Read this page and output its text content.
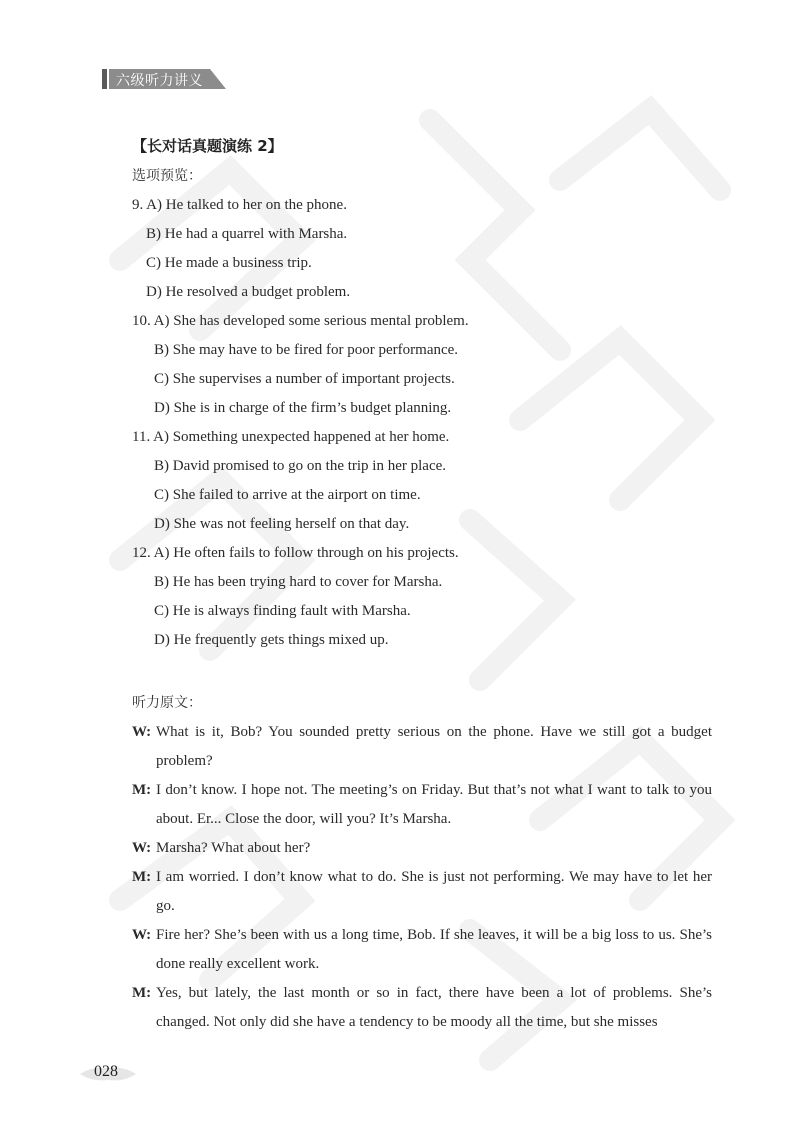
六级听力讲义
【长对话真题演练 2】
选项预览：
9. A) He talked to her on the phone.
B) He had a quarrel with Marsha.
C) He made a business trip.
D) He resolved a budget problem.
10. A) She has developed some serious mental problem.
B) She may have to be fired for poor performance.
C) She supervises a number of important projects.
D) She is in charge of the firm’s budget planning.
11. A) Something unexpected happened at her home.
B) David promised to go on the trip in her place.
C) She failed to arrive at the airport on time.
D) She was not feeling herself on that day.
12. A) He often fails to follow through on his projects.
B) He has been trying hard to cover for Marsha.
C) He is always finding fault with Marsha.
D) He frequently gets things mixed up.
听力原文：
W: What is it, Bob? You sounded pretty serious on the phone. Have we still got a budget problem?
M: I don’t know. I hope not. The meeting’s on Friday. But that’s not what I want to talk to you about. Er... Close the door, will you? It’s Marsha.
W: Marsha? What about her?
M: I am worried. I don’t know what to do. She is just not performing. We may have to let her go.
W: Fire her? She’s been with us a long time, Bob. If she leaves, it will be a big loss to us. She’s done really excellent work.
M: Yes, but lately, the last month or so in fact, there have been a lot of problems. She’s changed. Not only did she have a tendency to be moody all the time, but she misses
028
